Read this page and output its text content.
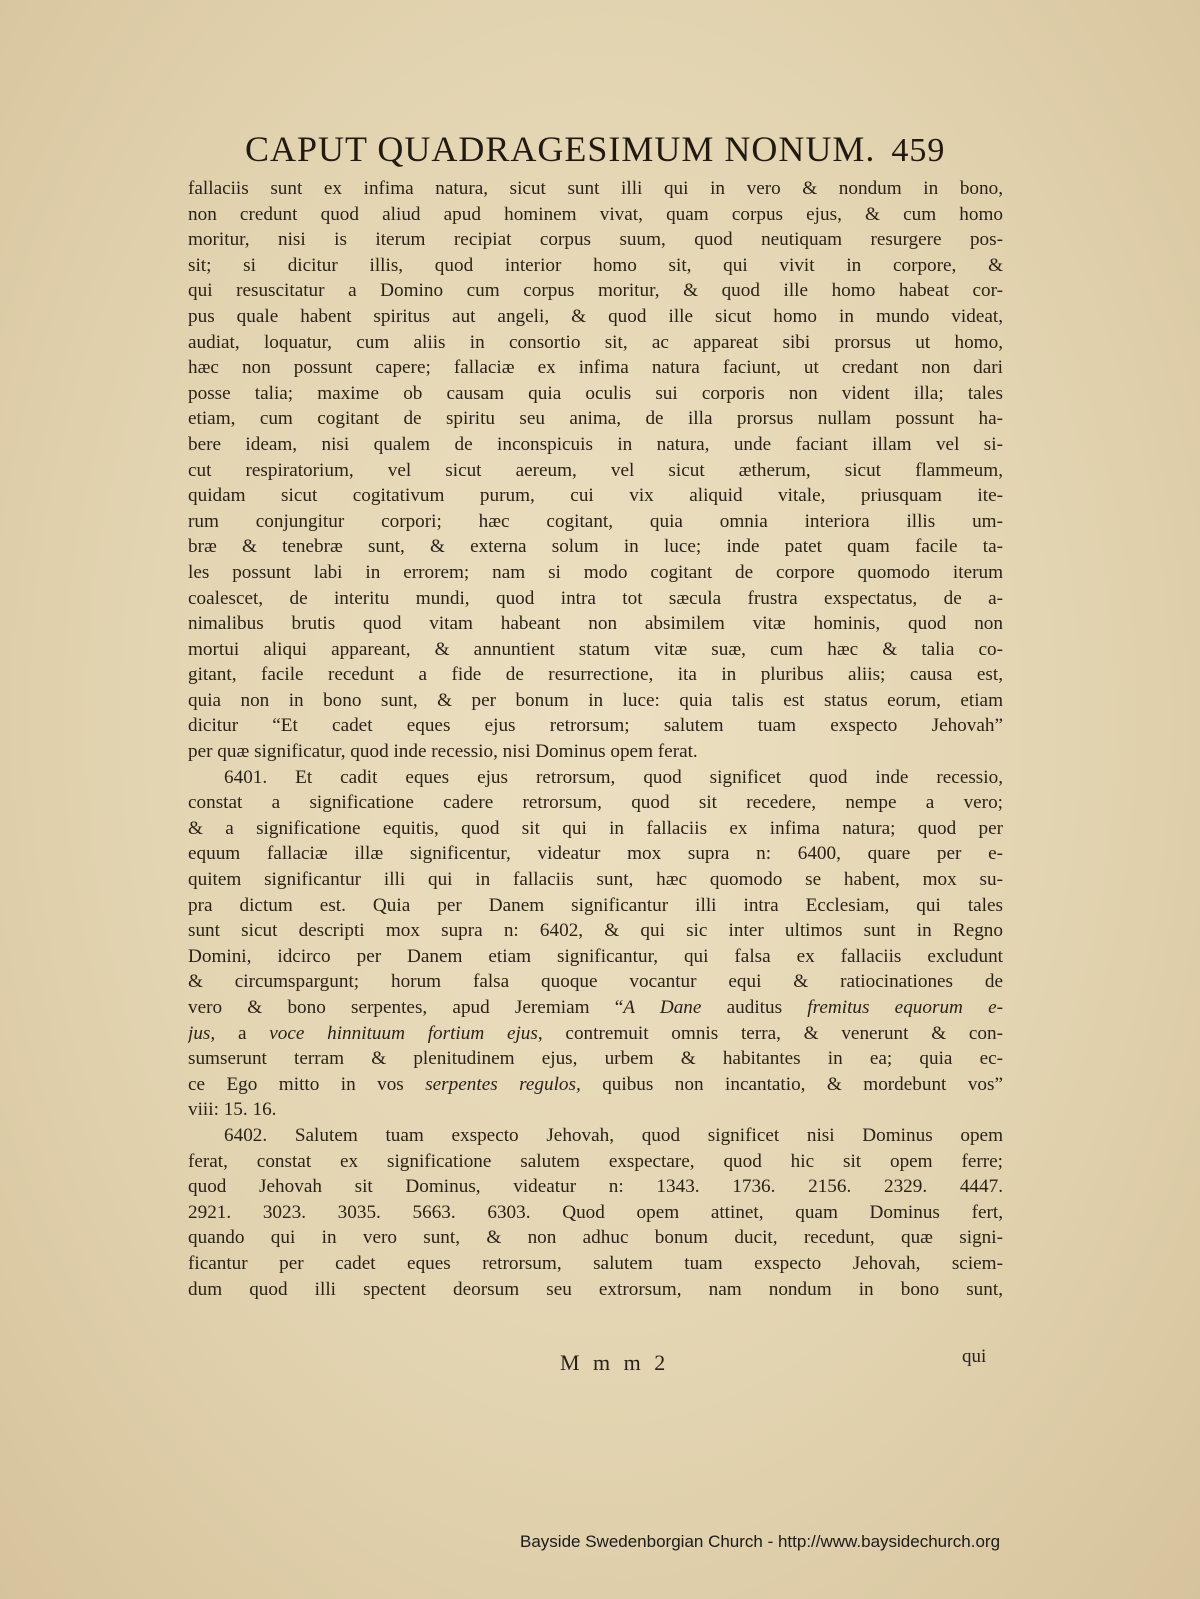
CAPUT QUADRAGESIMUM NONUM. 459
fallaciis sunt ex infima natura, sicut sunt illi qui in vero & nondum in bono,
non credunt quod aliud apud hominem vivat, quam corpus ejus, & cum homo
moritur, nisi is iterum recipiat corpus suum, quod neutiquam resurgere pos-
sit; si dicitur illis, quod interior homo sit, qui vivit in corpore, &
qui resuscitatur a Domino cum corpus moritur, & quod ille homo habeat cor-
pus quale habent spiritus aut angeli, & quod ille sicut homo in mundo videat,
audiat, loquatur, cum aliis in consortio sit, ac appareat sibi prorsus ut homo,
hæc non possunt capere; fallaciæ ex infima natura faciunt, ut credant non dari
posse talia; maxime ob causam quia oculis sui corporis non vident illa; tales
etiam, cum cogitant de spiritu seu anima, de illa prorsus nullam possunt ha-
bere ideam, nisi qualem de inconspicuis in natura, unde faciant illam vel si-
cut respiratorium, vel sicut aereum, vel sicut ætherum, sicut flammeum,
quidam sicut cogitativum purum, cui vix aliquid vitale, priusquam ite-
rum conjungitur corpori; hæc cogitant, quia omnia interiora illis um-
bræ & tenebræ sunt, & externa solum in luce; inde patet quam facile ta-
les possunt labi in errorem; nam si modo cogitant de corpore quomodo iterum
coalescet, de interitu mundi, quod intra tot sæcula frustra exspectatus, de a-
nimalibus brutis quod vitam habeant non absimilem vitæ hominis, quod non
mortui aliqui appareant, & annuntient statum vitæ suæ, cum hæc & talia co-
gitant, facile recedunt a fide de resurrectione, ita in pluribus aliis; causa est,
quia non in bono sunt, & per bonum in luce: quia talis est status eorum, etiam
dicitur “Et cadet eques ejus retrorsum; salutem tuam exspecto Jehovah”
per quæ significatur, quod inde recessio, nisi Dominus opem ferat.
6401. Et cadit eques ejus retrorsum, quod significet quod inde recessio,
constat a significatione cadere retrorsum, quod sit recedere, nempe a vero;
& a significatione equitis, quod sit qui in fallaciis ex infima natura; quod per
equum fallaciæ illæ significentur, videatur mox supra n: 6400, quare per e-
quitem significantur illi qui in fallaciis sunt, hæc quomodo se habent, mox su-
pra dictum est. Quia per Danem significantur illi intra Ecclesiam, qui tales
sunt sicut descripti mox supra n: 6402, & qui sic inter ultimos sunt in Regno
Domini, idcirco per Danem etiam significantur, qui falsa ex fallaciis excludunt
& circumspargunt; horum falsa quoque vocantur equi & ratiocinationes de
vero & bono serpentes, apud Jeremiam “A Dane auditus fremitus equorum e-
jus, a voce hinnituum fortium ejus, contremuit omnis terra, & venerunt & con-
sumserunt terram & plenitudinem ejus, urbem & habitantes in ea; quia ec-
ce Ego mitto in vos serpentes regulos, quibus non incantatio, & mordebunt vos”
viii: 15. 16.
6402. Salutem tuam exspecto Jehovah, quod significet nisi Dominus opem
ferat, constat ex significatione salutem exspectare, quod hic sit opem ferre;
quod Jehovah sit Dominus, videatur n: 1343. 1736. 2156. 2329. 4447.
2921. 3023. 3035. 5663. 6303. Quod opem attinet, quam Dominus fert,
quando qui in vero sunt, & non adhuc bonum ducit, recedunt, quæ signi-
ficantur per cadet eques retrorsum, salutem tuam exspecto Jehovah, sciem-
dum quod illi spectent deorsum seu extrorsum, nam nondum in bono sunt,
M m m 2	qui
Bayside Swedenborgian Church - http://www.baysidechurch.org
